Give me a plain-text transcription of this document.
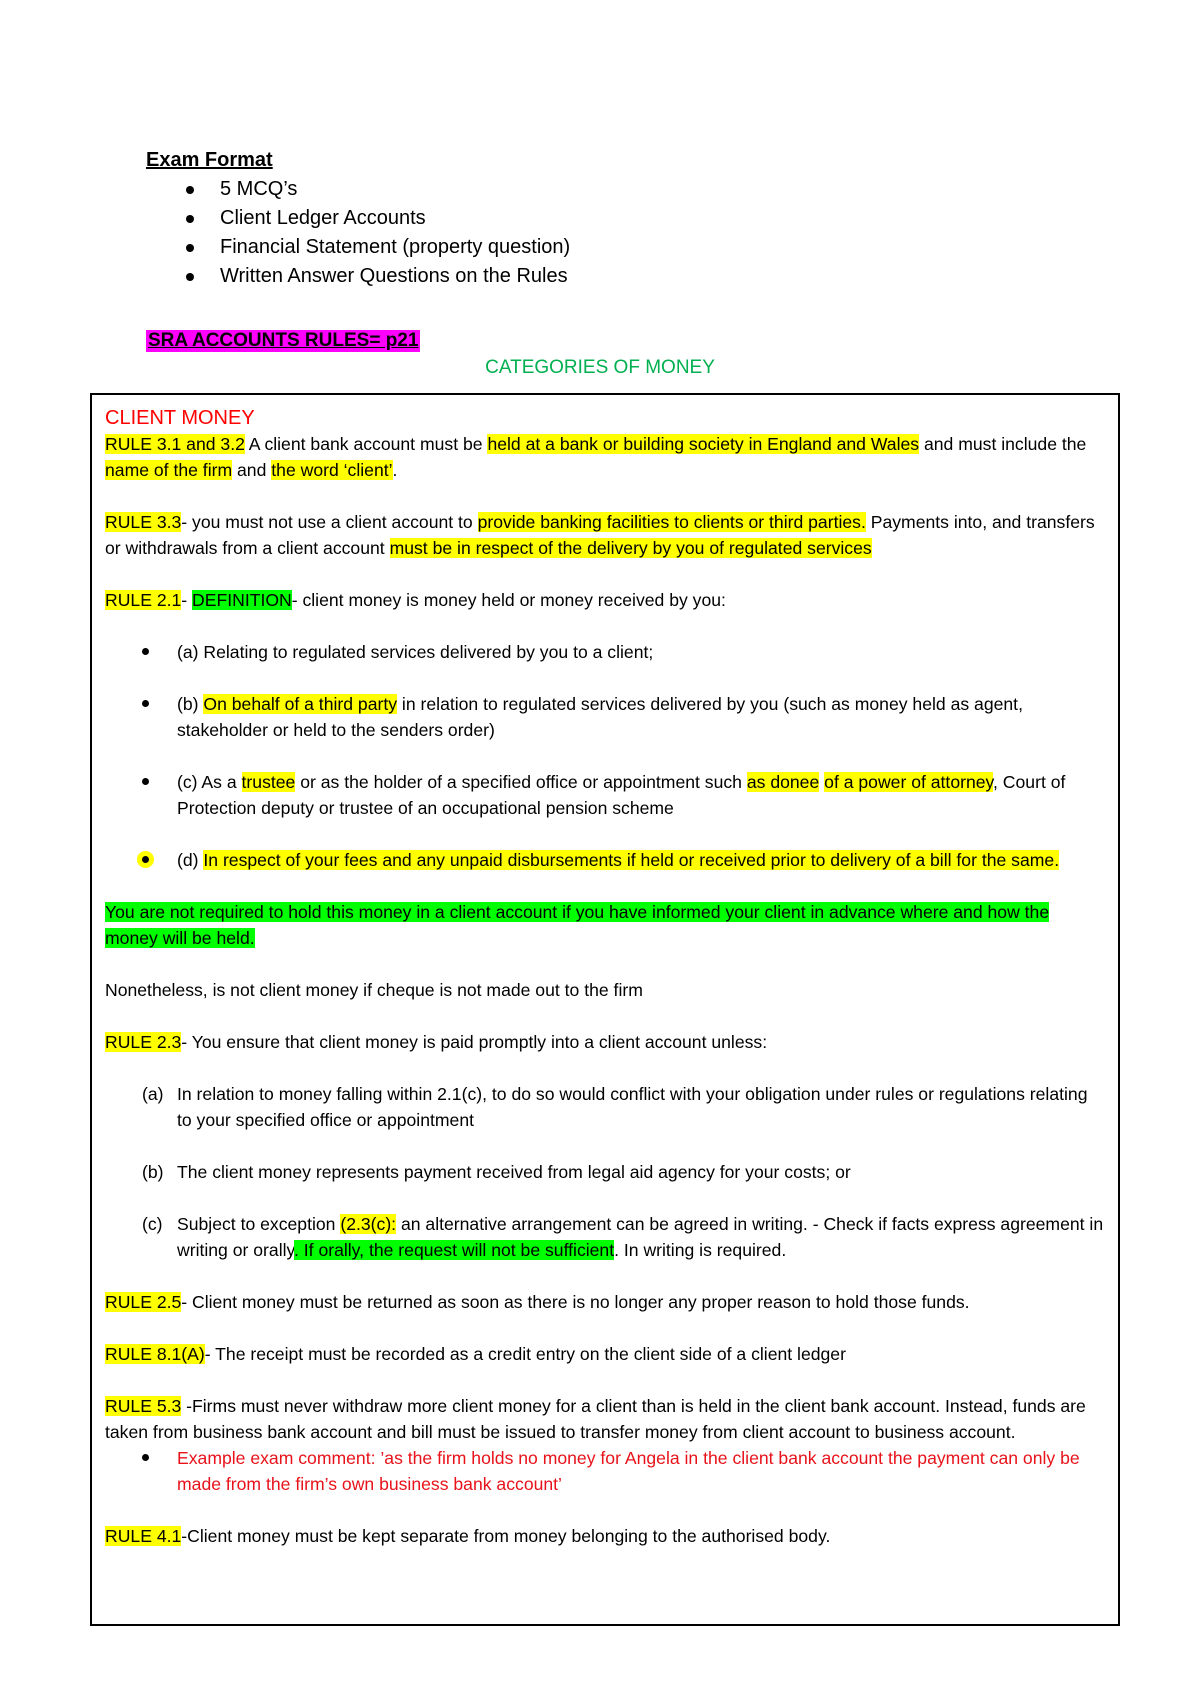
Exam Format
5 MCQ’s
Client Ledger Accounts
Financial Statement (property question)
Written Answer Questions on the Rules
SRA ACCOUNTS RULES= p21
CATEGORIES OF MONEY

CLIENT MONEY

RULE 3.1 and 3.2 A client bank account must be held at a bank or building society in England and Wales and must include the name of the firm and the word ‘client’.

RULE 3.3- you must not use a client account to provide banking facilities to clients or third parties. Payments into, and transfers or withdrawals from a client account must be in respect of the delivery by you of regulated services

RULE 2.1- DEFINITION- client money is money held or money received by you:

(a) Relating to regulated services delivered by you to a client;

(b) On behalf of a third party in relation to regulated services delivered by you (such as money held as agent, stakeholder or held to the senders order)

(c) As a trustee or as the holder of a specified office or appointment such as donee of a power of attorney, Court of Protection deputy or trustee of an occupational pension scheme

(d) In respect of your fees and any unpaid disbursements if held or received prior to delivery of a bill for the same.

You are not required to hold this money in a client account if you have informed your client in advance where and how the money will be held.

Nonetheless, is not client money if cheque is not made out to the firm

RULE 2.3- You ensure that client money is paid promptly into a client account unless:

(a) In relation to money falling within 2.1(c), to do so would conflict with your obligation under rules or regulations relating to your specified office or appointment

(b) The client money represents payment received from legal aid agency for your costs; or

(c) Subject to exception (2.3(c): an alternative arrangement can be agreed in writing. - Check if facts express agreement in writing or orally. If orally, the request will not be sufficient. In writing is required.

RULE 2.5- Client money must be returned as soon as there is no longer any proper reason to hold those funds.

RULE 8.1(A)- The receipt must be recorded as a credit entry on the client side of a client ledger

RULE 5.3 -Firms must never withdraw more client money for a client than is held in the client bank account. Instead, funds are taken from business bank account and bill must be issued to transfer money from client account to business account.

Example exam comment: ’as the firm holds no money for Angela in the client bank account the payment can only be made from the firm’s own business bank account’

RULE 4.1-Client money must be kept separate from money belonging to the authorised body.
